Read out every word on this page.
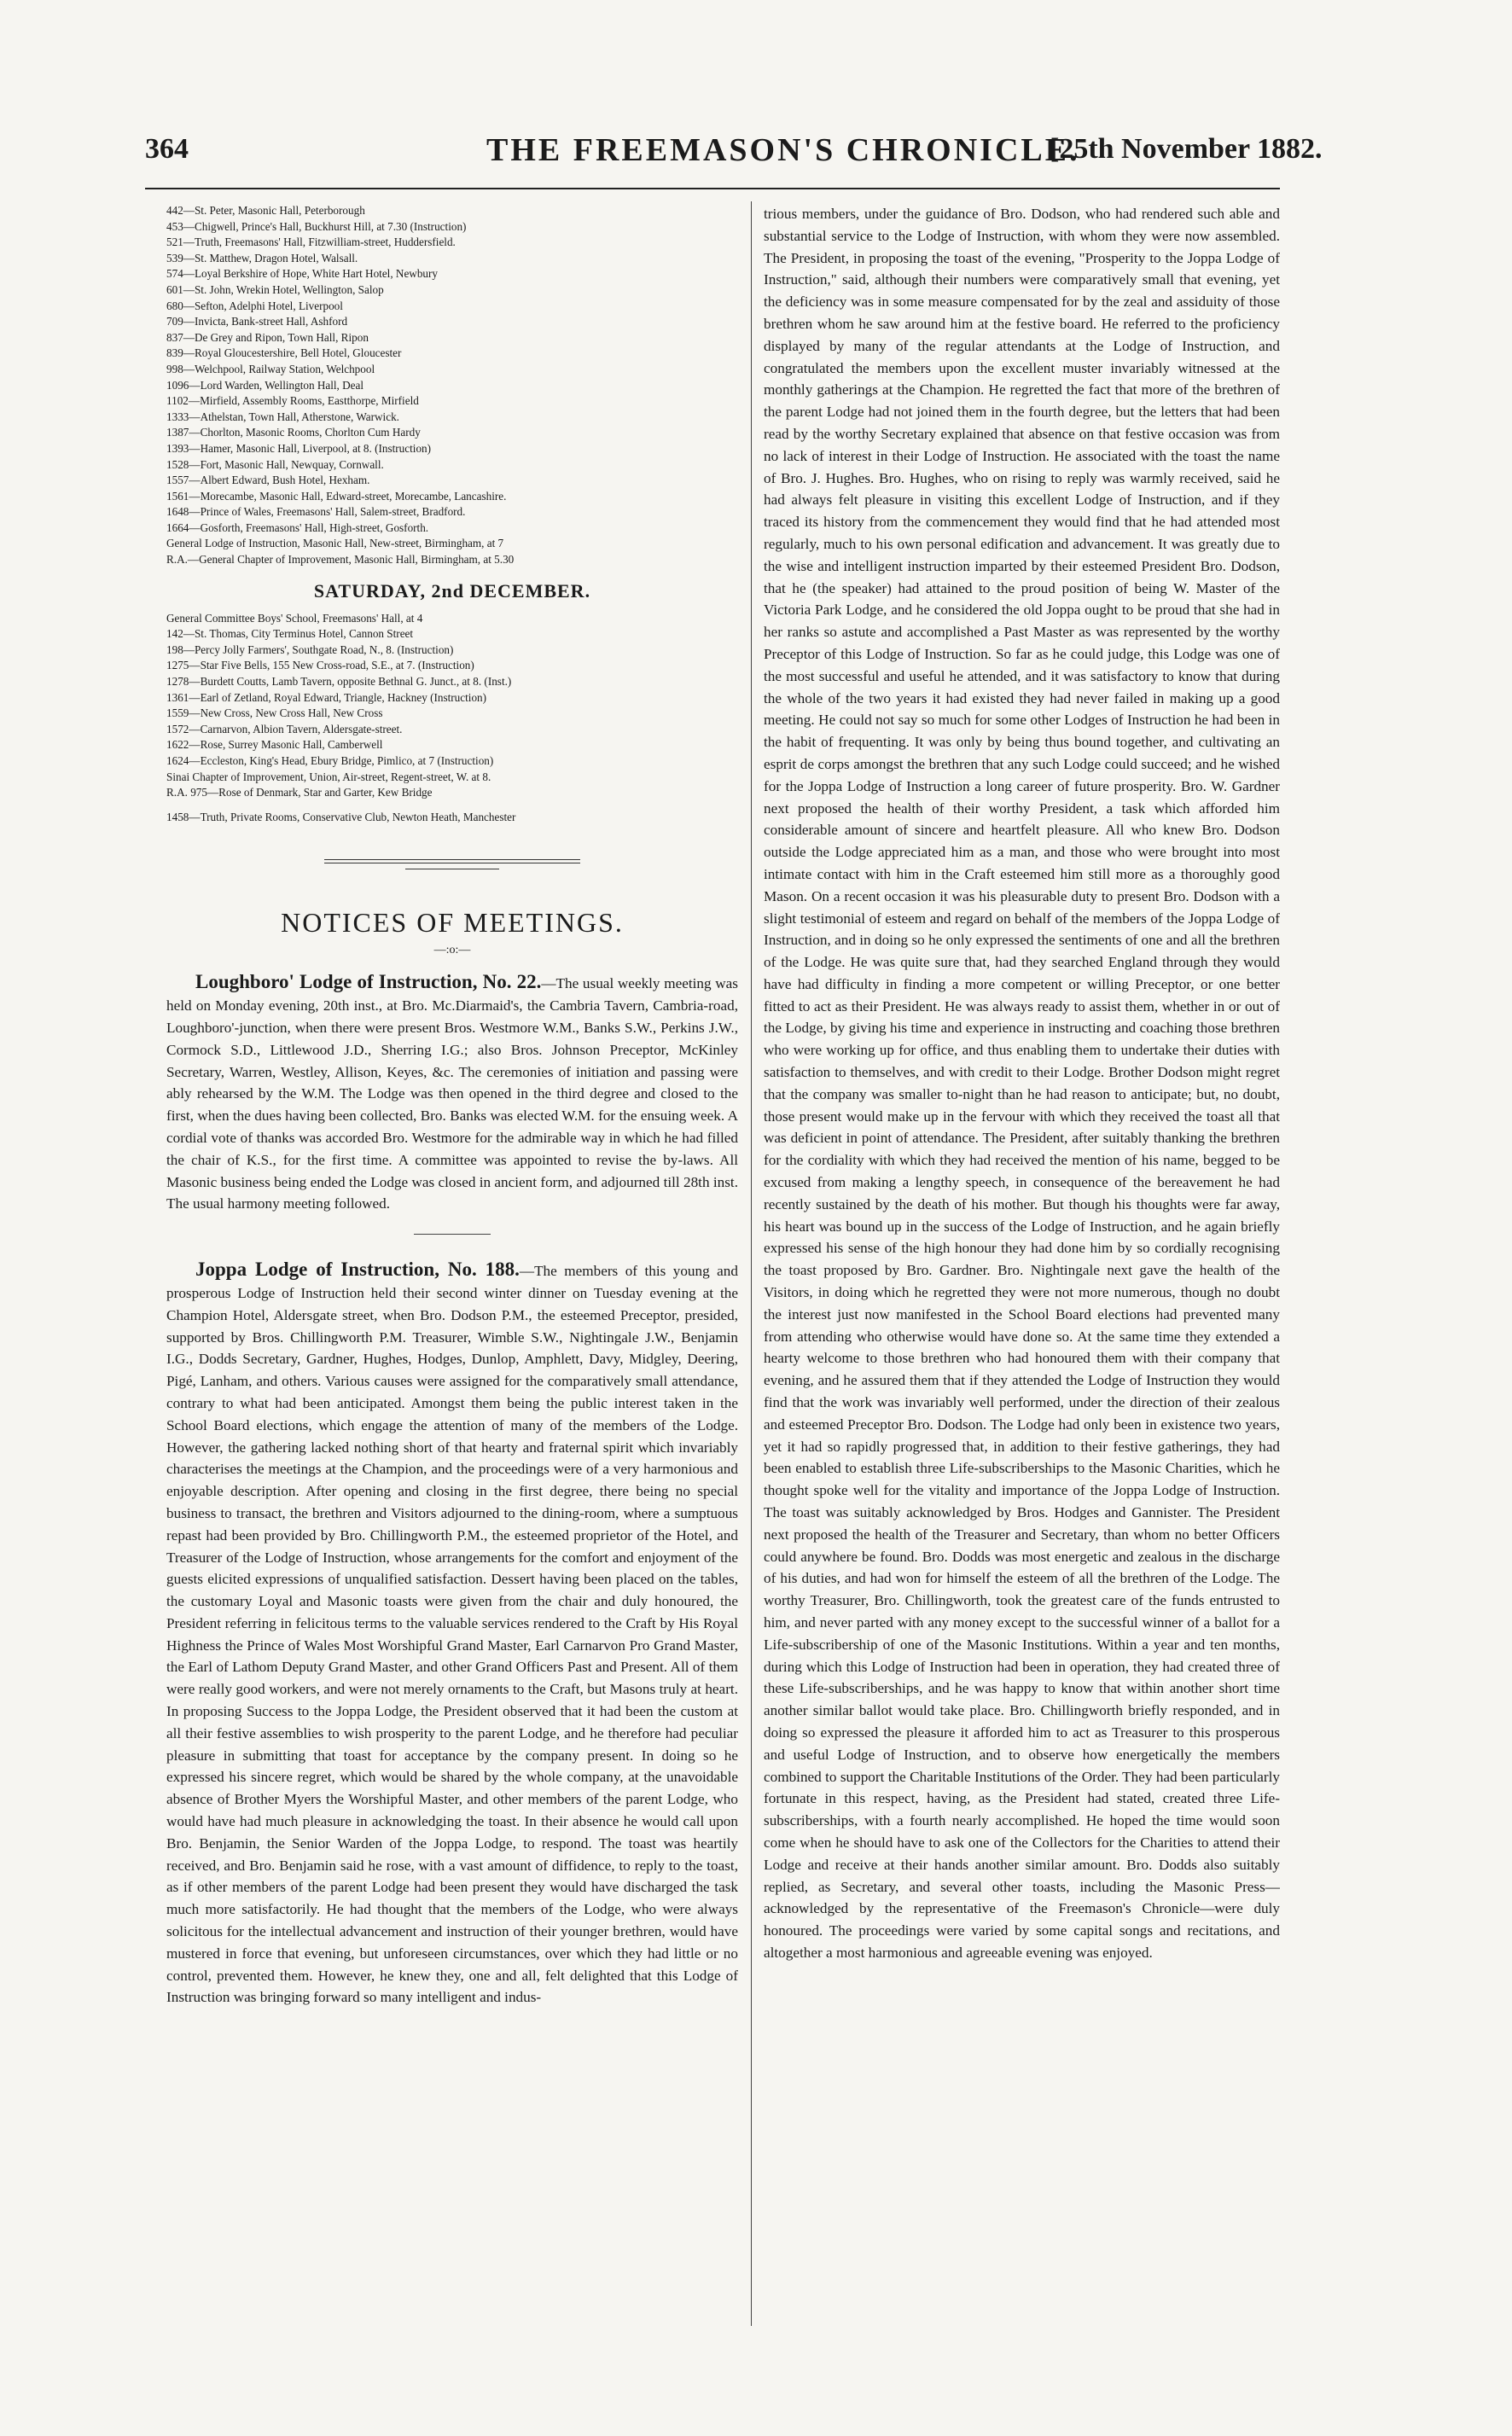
364	THE FREEMASON'S CHRONICLE.
[25th November 1882.
442—St. Peter, Masonic Hall, Peterborough
453—Chigwell, Prince's Hall, Buckhurst Hill, at 7.30 (Instruction)
521—Truth, Freemasons' Hall, Fitzwilliam-street, Huddersfield.
539—St. Matthew, Dragon Hotel, Walsall.
574—Loyal Berkshire of Hope, White Hart Hotel, Newbury
601—St. John, Wrekin Hotel, Wellington, Salop
680—Sefton, Adelphi Hotel, Liverpool
709—Invicta, Bank-street Hall, Ashford
837—De Grey and Ripon, Town Hall, Ripon
839—Royal Gloucestershire, Bell Hotel, Gloucester
998—Welchpool, Railway Station, Welchpool
1096—Lord Warden, Wellington Hall, Deal
1102—Mirfield, Assembly Rooms, Eastthorpe, Mirfield
1333—Athelstan, Town Hall, Atherstone, Warwick.
1387—Chorlton, Masonic Rooms, Chorlton Cum Hardy
1393—Hamer, Masonic Hall, Liverpool, at 8. (Instruction)
1528—Fort, Masonic Hall, Newquay, Cornwall.
1557—Albert Edward, Bush Hotel, Hexham.
1561—Morecambe, Masonic Hall, Edward-street, Morecambe, Lancashire.
1648—Prince of Wales, Freemasons' Hall, Salem-street, Bradford.
1664—Gosforth, Freemasons' Hall, High-street, Gosforth.
General Lodge of Instruction, Masonic Hall, New-street, Birmingham, at 7
R.A.—General Chapter of Improvement, Masonic Hall, Birmingham, at 5.30
SATURDAY, 2nd DECEMBER.
General Committee Boys' School, Freemasons' Hall, at 4
142—St. Thomas, City Terminus Hotel, Cannon Street
198—Percy Jolly Farmers', Southgate Road, N., 8. (Instruction)
1275—Star Five Bells, 155 New Cross-road, S.E., at 7. (Instruction)
1278—Burdett Coutts, Lamb Tavern, opposite Bethnal G. Junct., at 8. (Inst.)
1361—Earl of Zetland, Royal Edward, Triangle, Hackney (Instruction)
1559—New Cross, New Cross Hall, New Cross
1572—Carnarvon, Albion Tavern, Aldersgate-street.
1622—Rose, Surrey Masonic Hall, Camberwell
1624—Eccleston, King's Head, Ebury Bridge, Pimlico, at 7 (Instruction)
Sinai Chapter of Improvement, Union, Air-street, Regent-street, W. at 8.
R.A. 975—Rose of Denmark, Star and Garter, Kew Bridge
1458—Truth, Private Rooms, Conservative Club, Newton Heath, Manchester
NOTICES OF MEETINGS.
—:o:—

Loughboro' Lodge of Instruction, No. 22.—The usual weekly meeting was held on Monday evening, 20th inst., at Bro. Mc.Diarmaid's, the Cambria Tavern, Cambria-road, Loughboro'-junction, when there were present Bros. Westmore W.M., Banks S.W., Perkins J.W., Cormock S.D., Littlewood J.D., Sherring I.G.; also Bros. Johnson Preceptor, McKinley Secretary, Warren, Westley, Allison, Keyes, &c. The ceremonies of initiation and passing were ably rehearsed by the W.M. The Lodge was then opened in the third degree and closed to the first, when the dues having been collected, Bro. Banks was elected W.M. for the ensuing week. A cordial vote of thanks was accorded Bro. Westmore for the admirable way in which he had filled the chair of K.S., for the first time. A committee was appointed to revise the by-laws. All Masonic business being ended the Lodge was closed in ancient form, and adjourned till 28th inst. The usual harmony meeting followed.

Joppa Lodge of Instruction, No. 188.—The members of this young and prosperous Lodge of Instruction held their second winter dinner on Tuesday evening at the Champion Hotel, Aldersgate street, when Bro. Dodson P.M., the esteemed Preceptor, presided, supported by Bros. Chillingworth P.M. Treasurer, Wimble S.W., Nightingale J.W., Benjamin I.G., Dodds Secretary, Gardner, Hughes, Hodges, Dunlop, Amphlett, Davy, Midgley, Deering, Pigé, Lanham, and others. Various causes were assigned for the comparatively small attendance, contrary to what had been anticipated. Amongst them being the public interest taken in the School Board elections, which engage the attention of many of the members of the Lodge. However, the gathering lacked nothing short of that hearty and fraternal spirit which invariably characterises the meetings at the Champion, and the proceedings were of a very harmonious and enjoyable description. After opening and closing in the first degree, there being no special business to transact, the brethren and Visitors adjourned to the dining-room, where a sumptuous repast had been provided by Bro. Chillingworth P.M., the esteemed proprietor of the Hotel, and Treasurer of the Lodge of Instruction, whose arrangements for the comfort and enjoyment of the guests elicited expressions of unqualified satisfaction. Dessert having been placed on the tables, the customary Loyal and Masonic toasts were given from the chair and duly honoured, the President referring in felicitous terms to the valuable services rendered to the Craft by His Royal Highness the Prince of Wales Most Worshipful Grand Master, Earl Carnarvon Pro Grand Master, the Earl of Lathom Deputy Grand Master, and other Grand Officers Past and Present. All of them were really good workers, and were not merely ornaments to the Craft, but Masons truly at heart. In proposing Success to the Joppa Lodge, the President observed that it had been the custom at all their festive assemblies to wish prosperity to the parent Lodge, and he therefore had peculiar pleasure in submitting that toast for acceptance by the company present. In doing so he expressed his sincere regret, which would be shared by the whole company, at the unavoidable absence of Brother Myers the Worshipful Master, and other members of the parent Lodge, who would have had much pleasure in acknowledging the toast. In their absence he would call upon Bro. Benjamin, the Senior Warden of the Joppa Lodge, to respond. The toast was heartily received, and Bro. Benjamin said he rose, with a vast amount of diffidence, to reply to the toast, as if other members of the parent Lodge had been present they would have discharged the task much more satisfactorily. He had thought that the members of the Lodge, who were always solicitous for the intellectual advancement and instruction of their younger brethren, would have mustered in force that evening, but unforeseen circumstances, over which they had little or no control, prevented them. However, he knew they, one and all, felt delighted that this Lodge of Instruction was bringing forward so many intelligent and indus-

trious members, under the guidance of Bro. Dodson, who had rendered such able and substantial service to the Lodge of Instruction, with whom they were now assembled. The President, in proposing the toast of the evening, "Prosperity to the Joppa Lodge of Instruction," said, although their numbers were comparatively small that evening, yet the deficiency was in some measure compensated for by the zeal and assiduity of those brethren whom he saw around him at the festive board. He referred to the proficiency displayed by many of the regular attendants at the Lodge of Instruction, and congratulated the members upon the excellent muster invariably witnessed at the monthly gatherings at the Champion. He regretted the fact that more of the brethren of the parent Lodge had not joined them in the fourth degree, but the letters that had been read by the worthy Secretary explained that absence on that festive occasion was from no lack of interest in their Lodge of Instruction. He associated with the toast the name of Bro. J. Hughes. Bro. Hughes, who on rising to reply was warmly received, said he had always felt pleasure in visiting this excellent Lodge of Instruction, and if they traced its history from the commencement they would find that he had attended most regularly, much to his own personal edification and advancement. It was greatly due to the wise and intelligent instruction imparted by their esteemed President Bro. Dodson, that he (the speaker) had attained to the proud position of being W. Master of the Victoria Park Lodge, and he considered the old Joppa ought to be proud that she had in her ranks so astute and accomplished a Past Master as was represented by the worthy Preceptor of this Lodge of Instruction. So far as he could judge, this Lodge was one of the most successful and useful he attended, and it was satisfactory to know that during the whole of the two years it had existed they had never failed in making up a good meeting. He could not say so much for some other Lodges of Instruction he had been in the habit of frequenting. It was only by being thus bound together, and cultivating an esprit de corps amongst the brethren that any such Lodge could succeed; and he wished for the Joppa Lodge of Instruction a long career of future prosperity. Bro. W. Gardner next proposed the health of their worthy President, a task which afforded him considerable amount of sincere and heartfelt pleasure. All who knew Bro. Dodson outside the Lodge appreciated him as a man, and those who were brought into most intimate contact with him in the Craft esteemed him still more as a thoroughly good Mason. On a recent occasion it was his pleasurable duty to present Bro. Dodson with a slight testimonial of esteem and regard on behalf of the members of the Joppa Lodge of Instruction, and in doing so he only expressed the sentiments of one and all the brethren of the Lodge. He was quite sure that, had they searched England through they would have had difficulty in finding a more competent or willing Preceptor, or one better fitted to act as their President. He was always ready to assist them, whether in or out of the Lodge, by giving his time and experience in instructing and coaching those brethren who were working up for office, and thus enabling them to undertake their duties with satisfaction to themselves, and with credit to their Lodge. Brother Dodson might regret that the company was smaller to-night than he had reason to anticipate; but, no doubt, those present would make up in the fervour with which they received the toast all that was deficient in point of attendance. The President, after suitably thanking the brethren for the cordiality with which they had received the mention of his name, begged to be excused from making a lengthy speech, in consequence of the bereavement he had recently sustained by the death of his mother. But though his thoughts were far away, his heart was bound up in the success of the Lodge of Instruction, and he again briefly expressed his sense of the high honour they had done him by so cordially recognising the toast proposed by Bro. Gardner. Bro. Nightingale next gave the health of the Visitors, in doing which he regretted they were not more numerous, though no doubt the interest just now manifested in the School Board elections had prevented many from attending who otherwise would have done so. At the same time they extended a hearty welcome to those brethren who had honoured them with their company that evening, and he assured them that if they attended the Lodge of Instruction they would find that the work was invariably well performed, under the direction of their zealous and esteemed Preceptor Bro. Dodson. The Lodge had only been in existence two years, yet it had so rapidly progressed that, in addition to their festive gatherings, they had been enabled to establish three Life-subscriberships to the Masonic Charities, which he thought spoke well for the vitality and importance of the Joppa Lodge of Instruction. The toast was suitably acknowledged by Bros. Hodges and Gannister. The President next proposed the health of the Treasurer and Secretary, than whom no better Officers could anywhere be found. Bro. Dodds was most energetic and zealous in the discharge of his duties, and had won for himself the esteem of all the brethren of the Lodge. The worthy Treasurer, Bro. Chillingworth, took the greatest care of the funds entrusted to him, and never parted with any money except to the successful winner of a ballot for a Life-subscribership of one of the Masonic Institutions. Within a year and ten months, during which this Lodge of Instruction had been in operation, they had created three of these Life-subscriberships, and he was happy to know that within another short time another similar ballot would take place. Bro. Chillingworth briefly responded, and in doing so expressed the pleasure it afforded him to act as Treasurer to this prosperous and useful Lodge of Instruction, and to observe how energetically the members combined to support the Charitable Institutions of the Order. They had been particularly fortunate in this respect, having, as the President had stated, created three Life-subscriberships, with a fourth nearly accomplished. He hoped the time would soon come when he should have to ask one of the Collectors for the Charities to attend their Lodge and receive at their hands another similar amount. Bro. Dodds also suitably replied, as Secretary, and several other toasts, including the Masonic Press—acknowledged by the representative of the Freemason's Chronicle—were duly honoured. The proceedings were varied by some capital songs and recitations, and altogether a most harmonious and agreeable evening was enjoyed.
